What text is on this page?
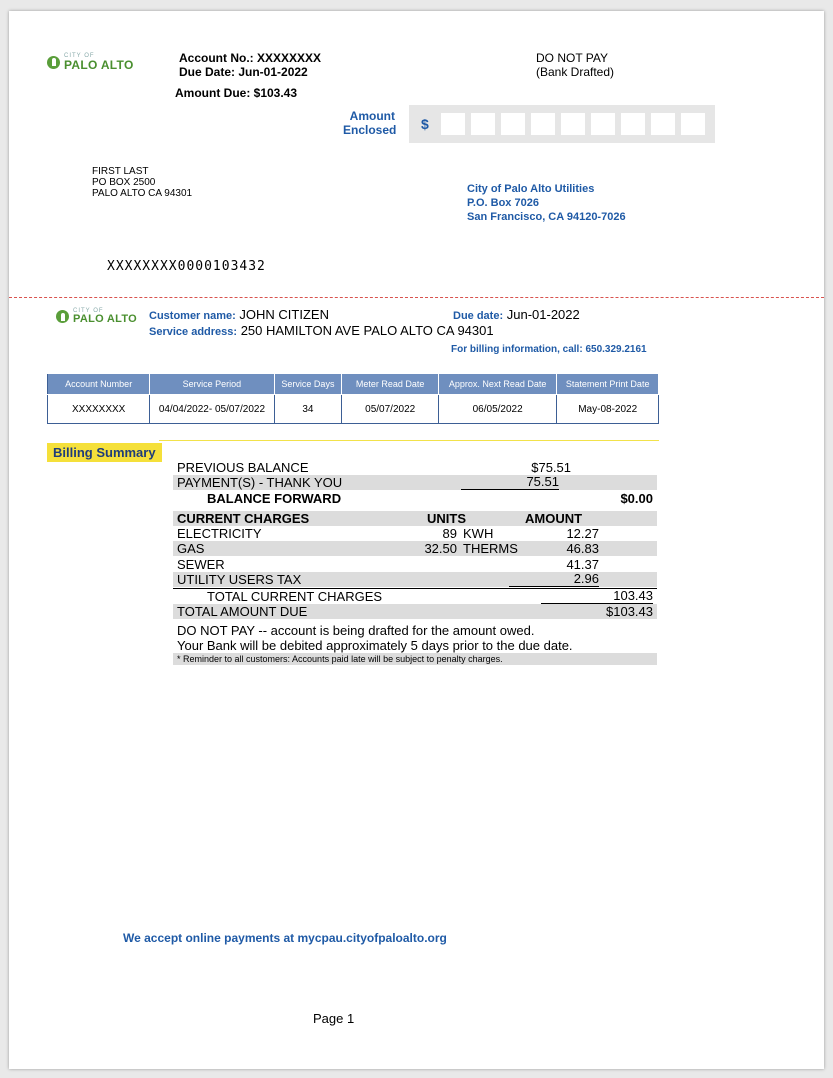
CITY OF
PALO ALTO	Account No.: XXXXXXXX
Due Date: Jun-01-2022
Amount Due: $103.43
DO NOT PAY
(Bank Drafted)
Amount
Enclosed $
FIRST LAST
PO BOX 2500
PALO ALTO CA 94301	City of Palo Alto Utilities
P.O. Box 7026
San Francisco, CA 94120-7026
XXXXXXXX0000103432
CITY OF
PALO ALTO Customer name: JOHN CITIZEN
Service address: 250 HAMILTON AVE PALO ALTO CA 94301
Due date: Jun-01-2022
For billing information, call: 650.329.2161
Account Number	Service Period	Service Days	Meter Read Date	Approx. Next Read Date	Statement Print Date
XXXXXXXX	04/04/2022- 05/07/2022	34	05/07/2022	06/05/2022	May-08-2022
Billing Summary
PREVIOUS BALANCE	$75.51
PAYMENT(S) - THANK YOU	75.51
BALANCE FORWARD	$0.00
CURRENT CHARGES	UNITS	AMOUNT
ELECTRICITY	89 KWH	12.27
GAS	32.50 THERMS	46.83
SEWER	41.37
UTILITY USERS TAX	2.96
TOTAL CURRENT CHARGES	103.43
TOTAL AMOUNT DUE	$103.43
DO NOT PAY -- account is being drafted for the amount owed.
Your Bank will be debited approximately 5 days prior to the due date.
* Reminder to all customers: Accounts paid late will be subject to penalty charges.
We accept online payments at mycpau.cityofpaloalto.org
Page 1
